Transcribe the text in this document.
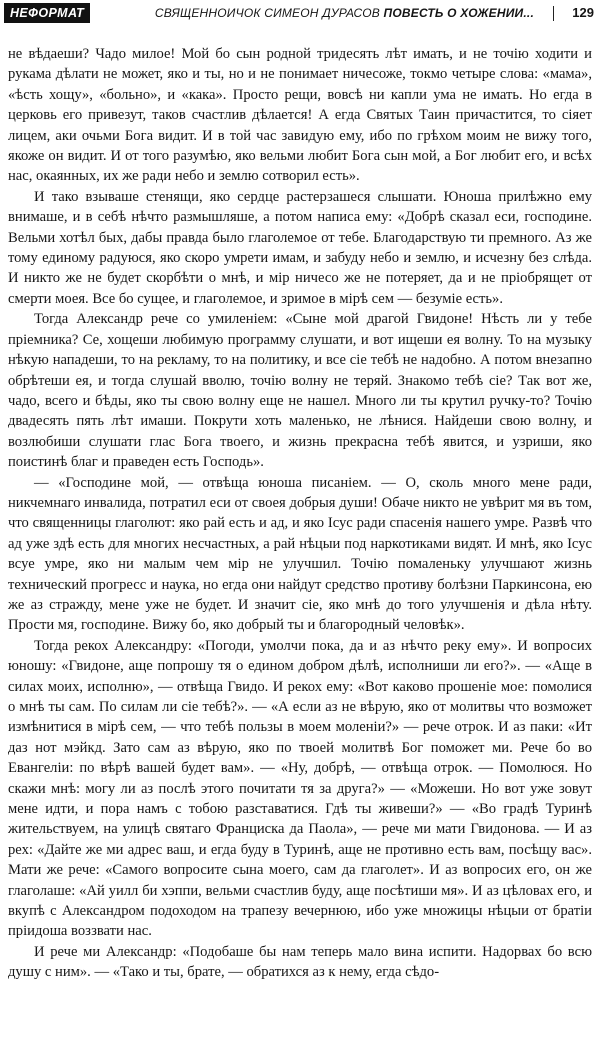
НЕФОРМАТ	СВЯЩЕННОИЧОК СИМЕОН ДУРАСОВ ПОВЕСТЬ О ХОЖЕНИИ...	129

не вѣдаеши? Чадо милое! Мой бо сын родной тридесять лѣт имать, и не точію ходити и рукама дѣлати не может, яко и ты, но и не понимает ничесоже, токмо четыре слова: «мама», «ѣсть хощу», «больно», и «кака». Просто рещи, вовсѣ ни капли ума не имать. Но егда в церковь его привезут, таков счастлив дѣлается! А егда Святых Таин причастится, то сіяет лицем, аки очьми Бога видит. И в той час завидую ему, ибо по грѣхом моим не вижу того, якоже он видит. И от того разумѣю, яко вельми любит Бога сын мой, а Бог любит его, и всѣх нас, окаянных, их же ради небо и землю сотворил есть».

И тако взываше стенящи, яко сердце растерзашеся слышати. Юноша прилѣжно ему внимаше, и в себѣ нѣчто размышляше, а потом написа ему: «Добрѣ сказал еси, господине. Вельми хотѣл бых, дабы правда было глаголемое от тебе. Благодарствую ти премного. Аз же тому единому радуюся, яко скоро умрети имам, и забуду небо и землю, и исчезну без слѣда. И никто же не будет скорбѣти о мнѣ, и мір ничесо же не потеряет, да и не пріобрящет от смерти моея. Все бо сущее, и глаголемое, и зримое в мірѣ сем — безуміе есть».

Тогда Александр рече со умиленіем: «Сыне мой драгой Гвидоне! Нѣсть ли у тебе пріемника? Се, хощеши любимую программу слушати, и вот ищеши ея волну. То на музыку нѣкую нападеши, то на рекламу, то на политику, и все сіе тебѣ не надобно. А потом внезапно обрѣтеши ея, и тогда слушай вволю, точію волну не теряй. Знакомо тебѣ сіе? Так вот же, чадо, всего и бѣды, яко ты свою волну еще не нашел. Много ли ты крутил ручку-то? Точію двадесять пять лѣт имаши. Покрути хоть маленько, не лѣнися. Найдеши свою волну, и возлюбиши слушати глас Бога твоего, и жизнь прекрасна тебѣ явится, и узриши, яко поистинѣ благ и праведен есть Господь».

— «Господине мой, — отвѣща юноша писаніем. — О, сколь много мене ради, никчемнаго инвалида, потратил еси от своея добрыя души! Обаче никто не увѣрит мя въ том, что священницы глаголют: яко рай есть и ад, и яко Ісус ради спасенія нашего умре. Развѣ что ад уже здѣ есть для многих несчастных, а рай нѣцыи под наркотиками видят. И мнѣ, яко Ісус всуе умре, яко ни малым чем мір не улучшил. Точію помаленьку улучшают жизнь технический прогресс и наука, но егда они найдут средство противу болѣзни Паркинсона, ею же аз стражду, мене уже не будет. И значит сіе, яко мнѣ до того улучшенія и дѣла нѣту. Прости мя, господине. Вижу бо, яко добрый ты и благородный человѣк».

Тогда рекох Александру: «Погоди, умолчи пока, да и аз нѣчто реку ему». И вопросих юношу: «Гвидоне, аще попрошу тя о едином добром дѣлѣ, исполниши ли его?». — «Аще в силах моих, исполню», — отвѣща Гвидо. И рекох ему: «Вот каково прошеніе мое: помолися о мнѣ ты сам. По силам ли сіе тебѣ?». — «А если аз не вѣрую, яко от молитвы что возможет измѣнитися в мірѣ сем, — что тебѣ пользы в моем моленіи?» — рече отрок. И аз паки: «Ит даз нот мэйкд. Зато сам аз вѣрую, яко по твоей молитвѣ Бог поможет ми. Рече бо во Евангеліи: по вѣрѣ вашей будет вам». — «Ну, добрѣ, — отвѣща отрок. — Помолюся. Но скажи мнѣ: могу ли аз послѣ этого почитати тя за друга?» — «Можеши. Но вот уже зовут мене идти, и пора намъ с тобою разставатися. Гдѣ ты живеши?» — «Во градѣ Туринѣ жительствуем, на улицѣ святаго Франциска да Паола», — рече ми мати Гвидонова. — И аз рех: «Дайте же ми адрес ваш, и егда буду в Туринѣ, аще не противно есть вам, посѣщу вас». Мати же рече: «Самого вопросите сына моего, сам да глаголет». И аз вопросих его, он же глаголаше: «Ай уилл би хэппи, вельми счастлив буду, аще посѣтиши мя». И аз цѣловах его, и вкупѣ с Александром подоходом на трапезу вечернюю, ибо уже множицы нѣцыи от братіи пріидоша воззвати нас.

И рече ми Александр: «Подобаше бы нам теперь мало вина испити. Надорвах бо всю душу с ним». — «Тако и ты, брате, — обратихся аз к нему, егда сѣдо-
